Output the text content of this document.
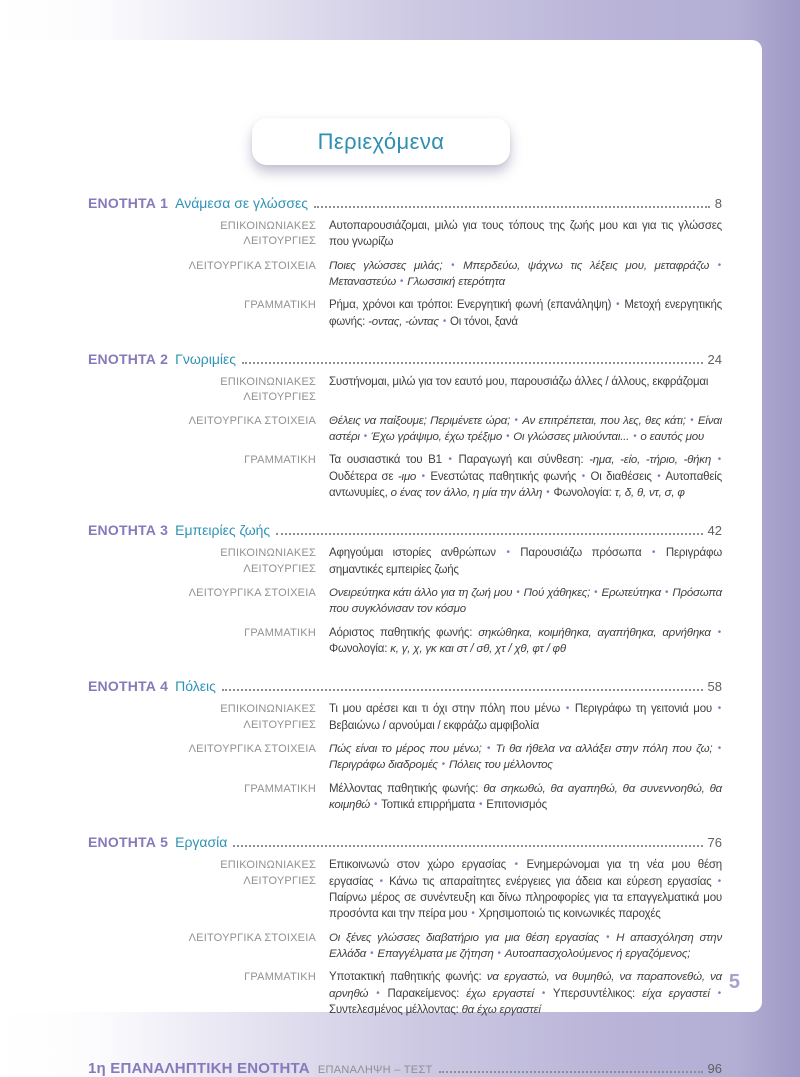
Περιεχόμενα
ΕΝΟΤΗΤΑ 1 Ανάμεσα σε γλώσσες	8
ΕΠΙΚΟΙΝΩΝΙΑΚΕΣ ΛΕΙΤΟΥΡΓΙΕΣ
Αυτοπαρουσιάζομαι, μιλώ για τους τόπους της ζωής μου και για τις γλώσσες που γνωρίζω
ΛΕΙΤΟΥΡΓΙΚΑ ΣΤΟΙΧΕΙΑ Ποιες γλώσσες μιλάς; • Μπερδεύω, ψάχνω τις λέξεις μου, μεταφράζω • Μεταναστεύω • Γλωσσική ετερότητα
ΓΡΑΜΜΑΤΙΚΗ Ρήμα, χρόνοι και τρόποι: Ενεργητική φωνή (επανάληψη) • Μετοχή ενεργητικής φωνής: -οντας, -ώντας • Οι τόνοι, ξανά
ΕΝΟΤΗΤΑ 2 Γνωριμίες	24
ΕΠΙΚΟΙΝΩΝΙΑΚΕΣ ΛΕΙΤΟΥΡΓΙΕΣ
Συστήνομαι, μιλώ για τον εαυτό μου, παρουσιάζω άλλες / άλλους, εκφράζομαι
ΛΕΙΤΟΥΡΓΙΚΑ ΣΤΟΙΧΕΙΑ Θέλεις να παίξουμε; Περιμένετε ώρα; • Αν επιτρέπεται, που λες, θες κάτι; • Είναι αστέρι • Έχω γράψιμο, έχω τρέξιμο • Οι γλώσσες μιλιούνται... • ο εαυτός μου
ΓΡΑΜΜΑΤΙΚΗ Τα ουσιαστικά του Β1 • Παραγωγή και σύνθεση: -ημα, -είο, -τήριο, -θήκη • Ουδέτερα σε -ιμο • Ενεστώτας παθητικής φωνής • Οι διαθέσεις • Αυτοπαθείς αντωνυμίες, ο ένας τον άλλο, η μία την άλλη • Φωνολογία: τ, δ, θ, ντ, σ, φ
ΕΝΟΤΗΤΑ 3 Εμπειρίες ζωής	42
ΕΠΙΚΟΙΝΩΝΙΑΚΕΣ ΛΕΙΤΟΥΡΓΙΕΣ
Αφηγούμαι ιστορίες ανθρώπων • Παρουσιάζω πρόσωπα • Περιγράφω σημαντικές εμπειρίες ζωής
ΛΕΙΤΟΥΡΓΙΚΑ ΣΤΟΙΧΕΙΑ Ονειρεύτηκα κάτι άλλο για τη ζωή μου • Πού χάθηκες; • Ερωτεύτηκα • Πρόσωπα που συγκλόνισαν τον κόσμο
ΓΡΑΜΜΑΤΙΚΗ Αόριστος παθητικής φωνής: σηκώθηκα, κοιμήθηκα, αγαπήθηκα, αρνήθηκα • Φωνολογία: κ, γ, χ, γκ και στ / σθ, χτ / χθ, φτ / φθ
ΕΝΟΤΗΤΑ 4 Πόλεις	58
ΕΠΙΚΟΙΝΩΝΙΑΚΕΣ ΛΕΙΤΟΥΡΓΙΕΣ
Τι μου αρέσει και τι όχι στην πόλη που μένω • Περιγράφω τη γειτονιά μου • Βεβαιώνω / αρνούμαι / εκφράζω αμφιβολία
ΛΕΙΤΟΥΡΓΙΚΑ ΣΤΟΙΧΕΙΑ Πώς είναι το μέρος που μένω; • Τι θα ήθελα να αλλάξει στην πόλη που ζω; • Περιγράφω διαδρομές • Πόλεις του μέλλοντος
ΓΡΑΜΜΑΤΙΚΗ Μέλλοντας παθητικής φωνής: θα σηκωθώ, θα αγαπηθώ, θα συνεννοηθώ, θα κοιμηθώ • Τοπικά επιρρήματα • Επιτονισμός
ΕΝΟΤΗΤΑ 5 Εργασία	76
ΕΠΙΚΟΙΝΩΝΙΑΚΕΣ ΛΕΙΤΟΥΡΓΙΕΣ
Επικοινωνώ στον χώρο εργασίας • Ενημερώνομαι για τη νέα μου θέση εργασίας • Κάνω τις απαραίτητες ενέργειες για άδεια και εύρεση εργασίας • Παίρνω μέρος σε συνέντευξη και δίνω πληροφορίες για τα επαγγελματικά μου προσόντα και την πείρα μου • Χρησιμοποιώ τις κοινωνικές παροχές
ΛΕΙΤΟΥΡΓΙΚΑ ΣΤΟΙΧΕΙΑ Οι ξένες γλώσσες διαβατήριο για μια θέση εργασίας • Η απασχόληση στην Ελλάδα • Επαγγέλματα με ζήτηση • Αυτοαπασχολούμενος ή εργαζόμενος;
ΓΡΑΜΜΑΤΙΚΗ Υποτακτική παθητικής φωνής: να εργαστώ, να θυμηθώ, να παραπονεθώ, να αρνηθώ • Παρακείμενος: έχω εργαστεί • Υπερσυντέλικος: είχα εργαστεί • Συντελεσμένος μέλλοντας: θα έχω εργαστεί
1η ΕΠΑΝΑΛΗΠΤΙΚΗ ΕΝΟΤΗΤΑ ΕΠΑΝΑΛΗΨΗ – ΤΕΣΤ	96
5
